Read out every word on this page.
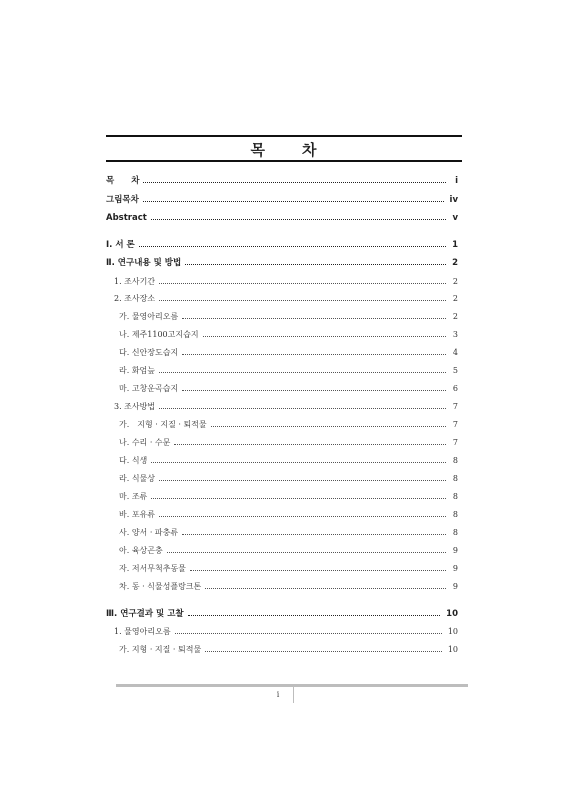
목 차
목　　차	i
그림목차	iv
Abstract	v
Ⅰ. 서 론	1
Ⅱ. 연구내용 및 방법	2
1. 조사기간	2
2. 조사장소	2
가. 물영아리오름	2
나. 제주1100고지습지	3
다. 신안장도습지	4
라. 화엄늪	5
마. 고창운곡습지	6
3. 조사방법	7
가.　지형 · 지질 · 퇴적물	7
나. 수리 · 수문	7
다. 식생	8
라. 식물상	8
마. 조류	8
바. 포유류	8
사. 양서 · 파충류	8
아. 육상곤충	9
자. 저서무척추동물	9
차. 동 · 식물성플랑크톤	9
Ⅲ. 연구결과 및 고찰	10
1. 물영아리오름	10
가. 지형 · 지질 · 퇴적물	10
i
